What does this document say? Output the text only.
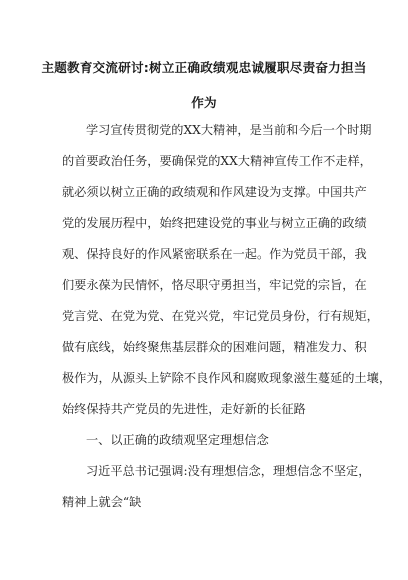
主题教育交流研讨:树立正确政绩观忠诚履职尽责奋力担当
作为
学习宣传贯彻党的XX大精神，是当前和今后一个时期
的首要政治任务，要确保党的XX大精神宣传工作不走样，
就必须以树立正确的政绩观和作风建设为支撑。中国共产
党的发展历程中，始终把建设党的事业与树立正确的政绩
观、保持良好的作风紧密联系在一起。作为党员干部，我
们要永葆为民情怀，恪尽职守勇担当，牢记党的宗旨，在
党言党、在党为党、在党兴党，牢记党员身份，行有规矩，
做有底线，始终聚焦基层群众的困难问题，精准发力、积
极作为，从源头上铲除不良作风和腐败现象滋生蔓延的土壤，
始终保持共产党员的先进性，走好新的长征路
一、以正确的政绩观坚定理想信念
习近平总书记强调:没有理想信念，理想信念不坚定，
精神上就会“缺
